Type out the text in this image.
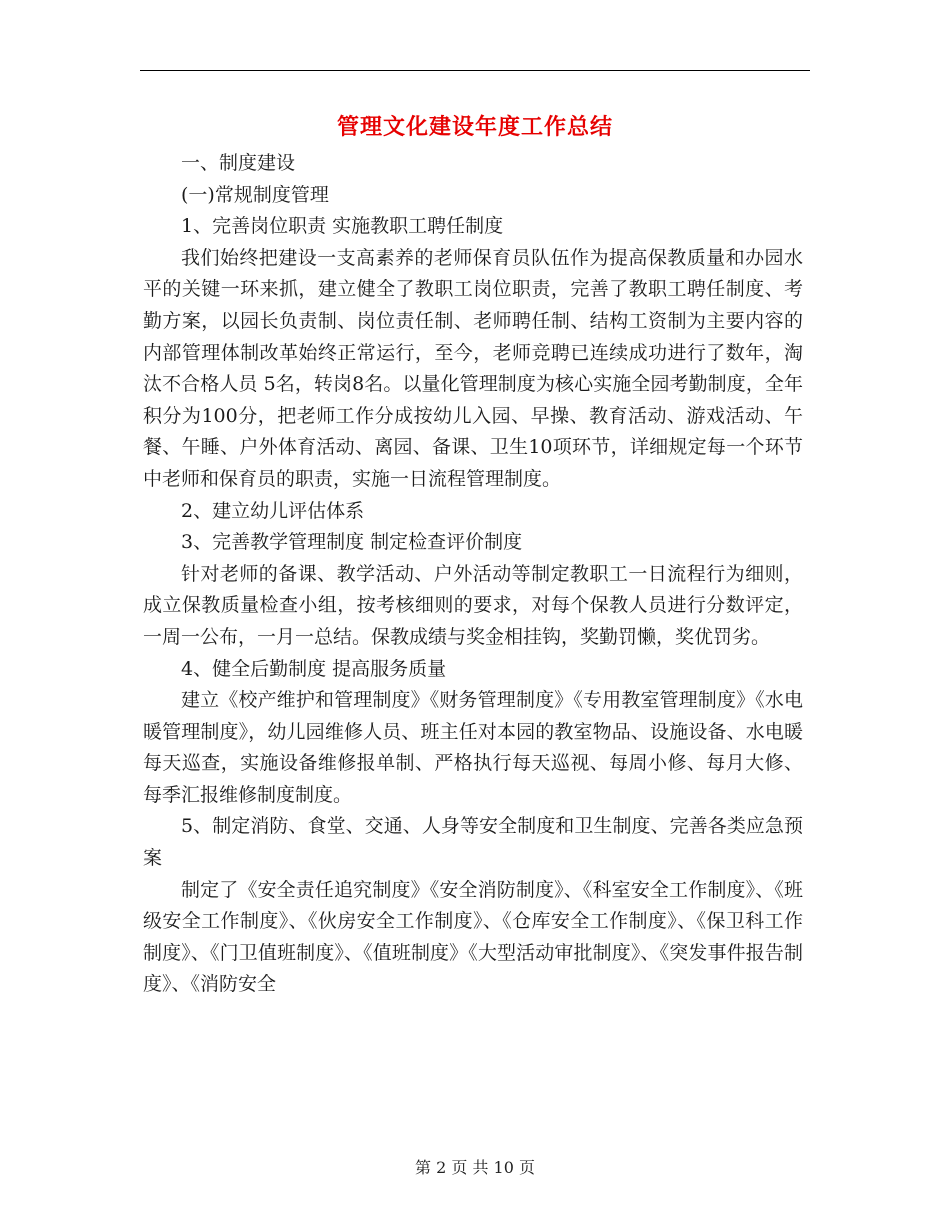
管理文化建设年度工作总结

一、制度建设

(一)常规制度管理

1、完善岗位职责 实施教职工聘任制度

我们始终把建设一支高素养的老师保育员队伍作为提高保教质量和办园水平的关键一环来抓，建立健全了教职工岗位职责，完善了教职工聘任制度、考勤方案，以园长负责制、岗位责任制、老师聘任制、结构工资制为主要内容的内部管理体制改革始终正常运行，至今，老师竞聘已连续成功进行了数年，淘汰不合格人员 5名，转岗8名。以量化管理制度为核心实施全园考勤制度，全年积分为100分，把老师工作分成按幼儿入园、早操、教育活动、游戏活动、午餐、午睡、户外体育活动、离园、备课、卫生10项环节，详细规定每一个环节中老师和保育员的职责，实施一日流程管理制度。

2、建立幼儿评估体系

3、完善教学管理制度 制定检查评价制度

针对老师的备课、教学活动、户外活动等制定教职工一日流程行为细则，成立保教质量检查小组，按考核细则的要求，对每个保教人员进行分数评定，一周一公布，一月一总结。保教成绩与奖金相挂钩，奖勤罚懒，奖优罚劣。

4、健全后勤制度 提高服务质量

建立《校产维护和管理制度》《财务管理制度》《专用教室管理制度》《水电暖管理制度》，幼儿园维修人员、班主任对本园的教室物品、设施设备、水电暖每天巡查，实施设备维修报单制、严格执行每天巡视、每周小修、每月大修、每季汇报维修制度制度。

5、制定消防、食堂、交通、人身等安全制度和卫生制度、完善各类应急预案

制定了《安全责任追究制度》《安全消防制度》、《科室安全工作制度》、《班级安全工作制度》、《伙房安全工作制度》、《仓库安全工作制度》、《保卫科工作制度》、《门卫值班制度》、《值班制度》《大型活动审批制度》、《突发事件报告制度》、《消防安全

第 2 页 共 10 页
